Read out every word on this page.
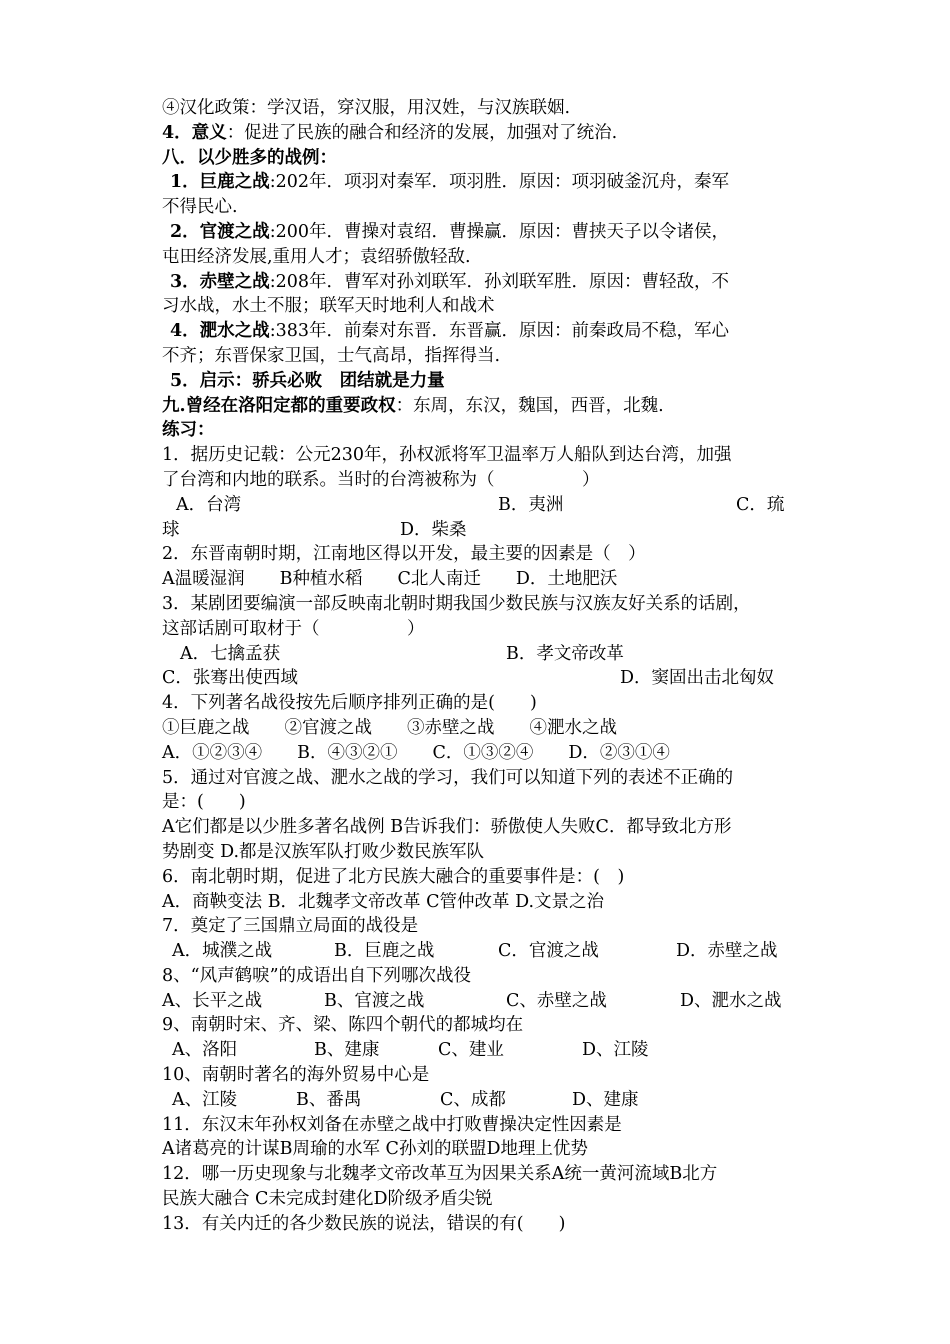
④汉化政策：学汉语，穿汉服，用汉姓，与汉族联姻.
4．意义：促进了民族的融合和经济的发展，加强对了统治.
八．以少胜多的战例：
1．巨鹿之战:202年．项羽对秦军．项羽胜．原因：项羽破釜沉舟，秦军
不得民心.
2．官渡之战:200年．曹操对袁绍．曹操赢．原因：曹挟天子以令诸侯，
屯田经济发展,重用人才；袁绍骄傲轻敌.
3．赤壁之战:208年．曹军对孙刘联军．孙刘联军胜．原因：曹轻敌，不
习水战，水土不服；联军天时地利人和战术
4．淝水之战:383年．前秦对东晋．东晋赢．原因：前秦政局不稳，军心
不齐；东晋保家卫国，士气高昂，指挥得当.
5．启示：骄兵必败　团结就是力量
九.曾经在洛阳定都的重要政权：东周，东汉，魏国，西晋，北魏.
练习：
1．据历史记载：公元230年，孙权派将军卫温率万人船队到达台湾，加强
了台湾和内地的联系。当时的台湾被称为（　　　　　）
A．台湾	B．夷洲	C．琉
球	D．柴桑
2．东晋南朝时期，江南地区得以开发，最主要的因素是（　）
A温暖湿润　　B种植水稻　　C北人南迁　　D．土地肥沃
3．某剧团要编演一部反映南北朝时期我国少数民族与汉族友好关系的话剧，
这部话剧可取材于（　　　　　）
A．七擒孟获	B．孝文帝改革
C．张骞出使西域	D．窦固出击北匈奴
4．下列著名战役按先后顺序排列正确的是(　　)
①巨鹿之战　　②官渡之战　　③赤壁之战　　④淝水之战
A．①②③④　　B．④③②①　　C．①③②④　　D．②③①④
5．通过对官渡之战、淝水之战的学习，我们可以知道下列的表述不正确的
是：(　　)
A它们都是以少胜多著名战例 B告诉我们：骄傲使人失败C．都导致北方形
势剧变 D.都是汉族军队打败少数民族军队
6．南北朝时期，促进了北方民族大融合的重要事件是：(　)
A．商鞅变法 B．北魏孝文帝改革 C管仲改革 D.文景之治
7．奠定了三国鼎立局面的战役是
A．城濮之战	B．巨鹿之战	C．官渡之战	D．赤壁之战
8、“风声鹤唳”的成语出自下列哪次战役
A、长平之战	B、官渡之战	C、赤壁之战	D、淝水之战
9、南朝时宋、齐、梁、陈四个朝代的都城均在
A、洛阳	B、建康	C、建业	D、江陵
10、南朝时著名的海外贸易中心是
A、江陵	B、番禺	C、成都	D、建康
11．东汉末年孙权刘备在赤壁之战中打败曹操决定性因素是
A诸葛亮的计谋B周瑜的水军 C孙刘的联盟D地理上优势
12．哪一历史现象与北魏孝文帝改革互为因果关系A统一黄河流域B北方
民族大融合 C未完成封建化D阶级矛盾尖锐
13．有关内迁的各少数民族的说法，错误的有(　　)
